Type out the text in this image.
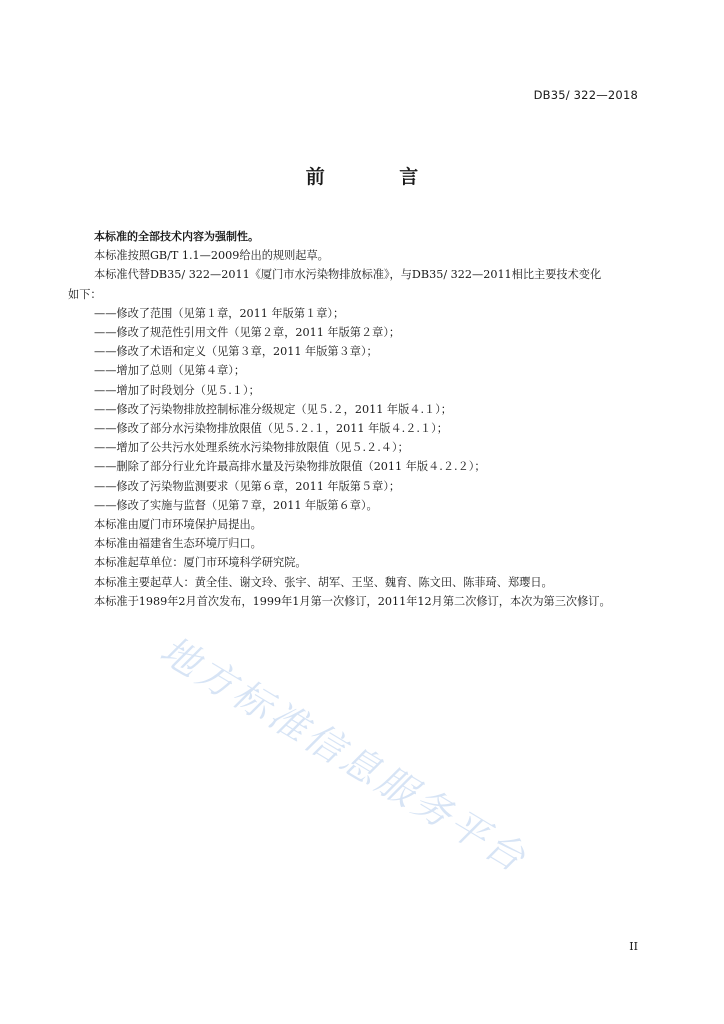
DB35/ 322—2018
前 言

本标准的全部技术内容为强制性。

本标准按照GB/T 1.1—2009给出的规则起草。

本标准代替DB35/ 322—2011《厦门市水污染物排放标准》，与DB35/ 322—2011相比主要技术变化

如下：

——修改了范围（见第１章，2011 年版第１章）；

——修改了规范性引用文件（见第２章，2011 年版第２章）；

——修改了术语和定义（见第３章，2011 年版第３章）；

——增加了总则（见第４章）；

——增加了时段划分（见５.１）；

——修改了污染物排放控制标准分级规定（见５.２，2011 年版４.１）；

——修改了部分水污染物排放限值（见５.２.１，2011 年版４.２.１）；

——增加了公共污水处理系统水污染物排放限值（见５.２.４）；

——删除了部分行业允许最高排水量及污染物排放限值（2011 年版４.２.２）；

——修改了污染物监测要求（见第６章，2011 年版第５章）；

——修改了实施与监督（见第７章，2011 年版第６章）。

本标准由厦门市环境保护局提出。

本标准由福建省生态环境厅归口。

本标准起草单位：厦门市环境科学研究院。

本标准主要起草人：黄全佳、谢文玲、张宇、胡军、王坚、魏育、陈文田、陈菲琦、郑璎日。

本标准于1989年2月首次发布，1999年1月第一次修订，2011年12月第二次修订，本次为第三次修订。

地方标准信息服务平台
II
